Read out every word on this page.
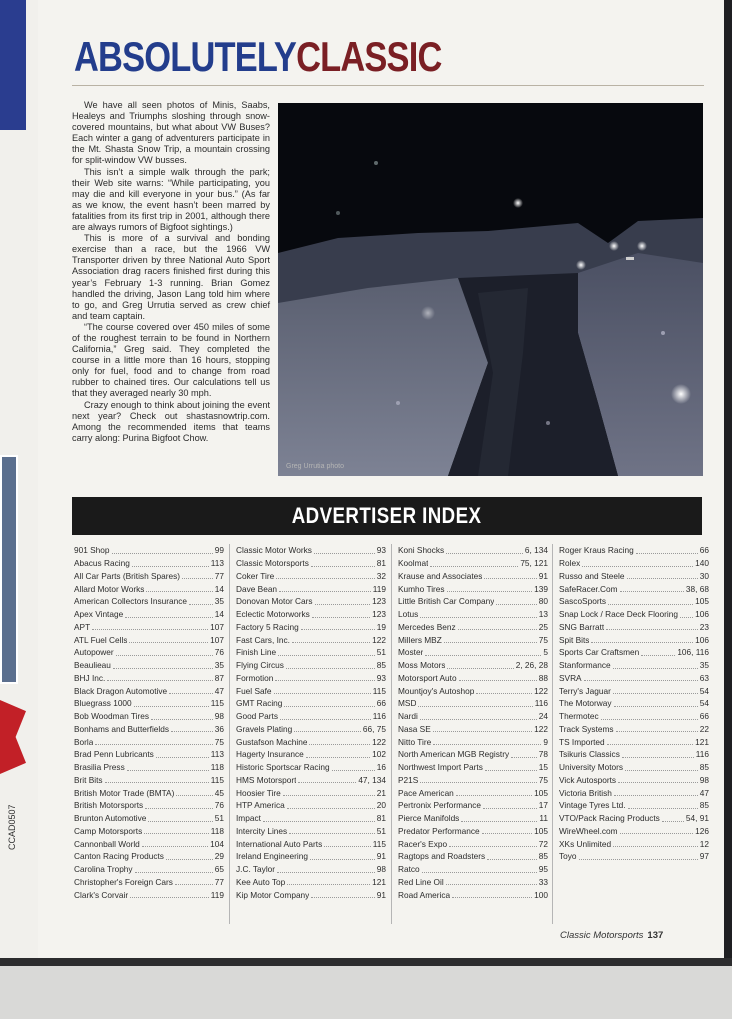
CCAD0507
ABSOLUTELYCLASSIC

We have all seen photos of Minis, Saabs, Healeys and Triumphs sloshing through snow-covered mountains, but what about VW Buses? Each winter a gang of adventurers participate in the Mt. Shasta Snow Trip, a mountain crossing for split-window VW busses.

This isn’t a simple walk through the park; their Web site warns: “While participating, you may die and kill everyone in your bus.” (As far as we know, the event hasn’t been marred by fatalities from its first trip in 2001, although there are always rumors of Bigfoot sightings.)

This is more of a survival and bonding exercise than a race, but the 1966 VW Transporter driven by three National Auto Sport Association drag racers finished first during this year’s February 1-3 running. Brian Gomez handled the driving, Jason Lang told him where to go, and Greg Urrutia served as crew chief and team captain.

“The course covered over 450 miles of some of the roughest terrain to be found in Northern California,” Greg said. They completed the course in a little more than 16 hours, stopping only for fuel, food and to change from road rubber to chained tires. Our calculations tell us that they averaged nearly 30 mph.

Crazy enough to think about joining the event next year? Check out shastasnowtrip.com. Among the recommended items that teams carry along: Purina Bigfoot Chow.

Greg Urrutia photo
ADVERTISER INDEX
901 Shop	99
Abacus Racing	113
All Car Parts (British Spares)	77
Allard Motor Works	14
American Collectors Insurance	35
Apex Vintage	14
APT	107
ATL Fuel Cells	107
Autopower	76
Beaulieau	35
BHJ Inc.	87
Black Dragon Automotive	47
Bluegrass 1000	115
Bob Woodman Tires	98
Bonhams and Butterfields	36
Borla	75
Brad Penn Lubricants	113
Brasilia Press	118
Brit Bits	115
British Motor Trade (BMTA)	45
British Motorsports	76
Brunton Automotive	51
Camp Motorsports	118
Cannonball World	104
Canton Racing Products	29
Carolina Trophy	65
Christopher's Foreign Cars	77
Clark's Corvair	119
Classic Motor Works	93
Classic Motorsports	81
Coker Tire	32
Dave Bean	119
Donovan Motor Cars	123
Eclectic Motorworks	123
Factory 5 Racing	19
Fast Cars, Inc.	122
Finish Line	51
Flying Circus	85
Formotion	93
Fuel Safe	115
GMT Racing	66
Good Parts	116
Gravels Plating	66, 75
Gustafson Machine	122
Hagerty Insurance	102
Historic Sportscar Racing	16
HMS Motorsport	47, 134
Hoosier Tire	21
HTP America	20
Impact	81
Intercity Lines	51
International Auto Parts	115
Ireland Engineering	91
J.C. Taylor	98
Kee Auto Top	121
Kip Motor Company	91
Koni Shocks	6, 134
Koolmat	75, 121
Krause and Associates	91
Kumho Tires	139
Little British Car Company	80
Lotus	13
Mercedes Benz	25
Millers MBZ	75
Moster	5
Moss Motors	2, 26, 28
Motorsport Auto	88
Mountjoy's Autoshop	122
MSD	116
Nardi	24
Nasa SE	122
Nitto Tire	9
North American MGB Registry	78
Northwest Import Parts	15
P21S	75
Pace American	105
Pertronix Performance	17
Pierce Manifolds	11
Predator Performance	105
Racer's Expo	72
Ragtops and Roadsters	85
Ratco	95
Red Line Oil	33
Road America	100
Roger Kraus Racing	66
Rolex	140
Russo and Steele	30
SafeRacer.Com	38, 68
SascoSports	105
Snap Lock / Race Deck Flooring 106
SNG Barratt	23
Spit Bits	106
Sports Car Craftsmen	106, 116
Stanformance	35
SVRA	63
Terry's Jaguar	54
The Motorway	54
Thermotec	66
Track Systems	22
TS Imported	121
Tsikuris Classics	116
University Motors	85
Vick Autosports	98
Victoria British	47
Vintage Tyres Ltd.	85
VTO/Pack Racing Products	54, 91
WireWheel.com	126
XKs Unlimited	12
Toyo	97
Classic Motorsports 137
